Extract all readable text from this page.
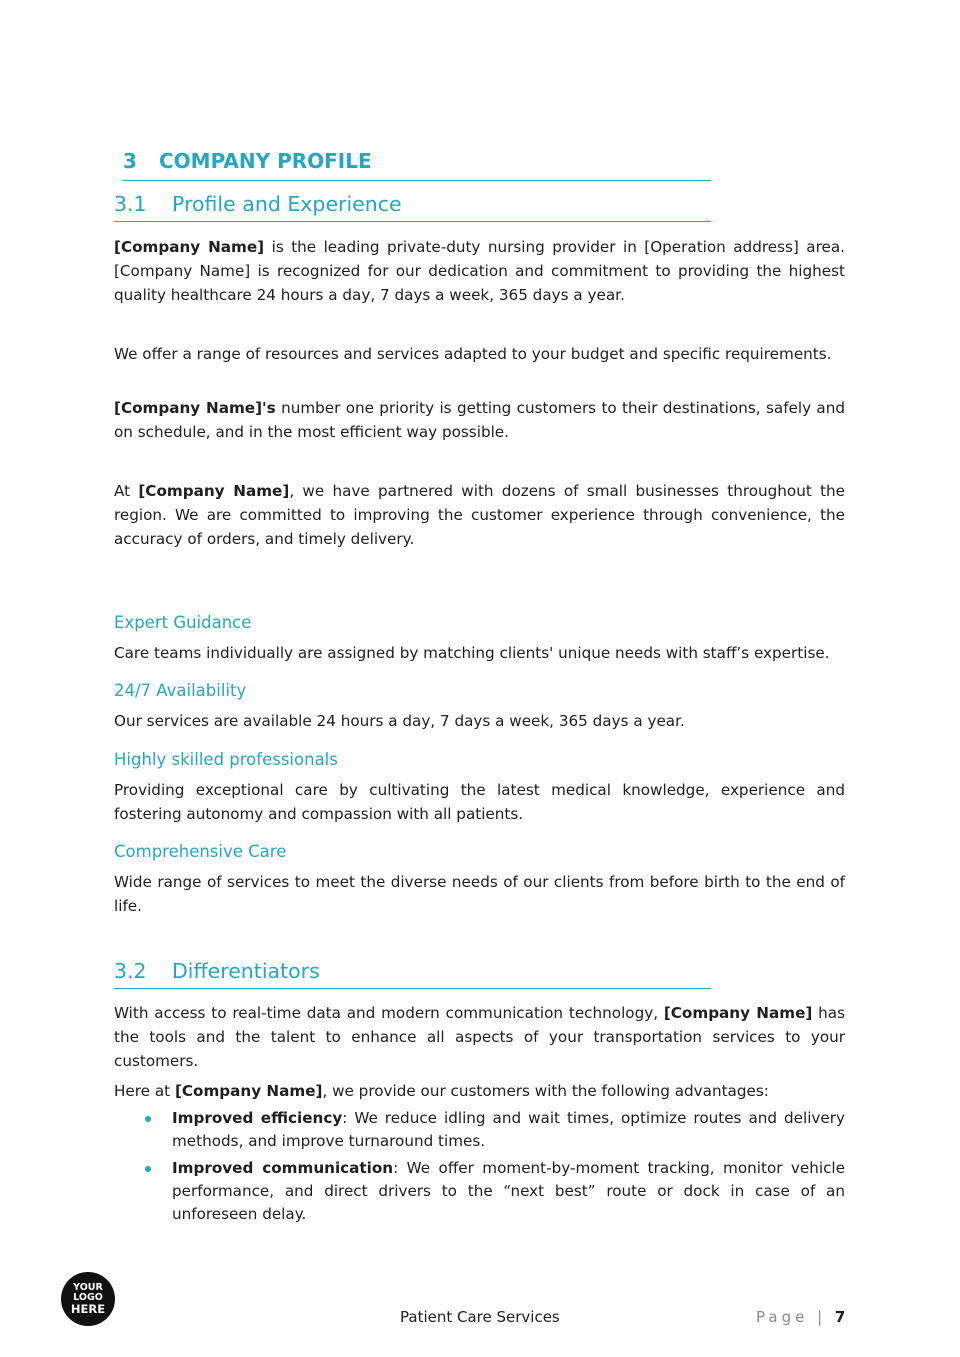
3 COMPANY PROFILE
3.1 Profile and Experience

[Company Name] is the leading private-duty nursing provider in [Operation address] area. [Company Name] is recognized for our dedication and commitment to providing the highest quality healthcare 24 hours a day, 7 days a week, 365 days a year.

We offer a range of resources and services adapted to your budget and specific requirements.

[Company Name]'s number one priority is getting customers to their destinations, safely and on schedule, and in the most efficient way possible.

At [Company Name], we have partnered with dozens of small businesses throughout the region. We are committed to improving the customer experience through convenience, the accuracy of orders, and timely delivery.

Expert Guidance

Care teams individually are assigned by matching clients' unique needs with staff’s expertise.

24/7 Availability

Our services are available 24 hours a day, 7 days a week, 365 days a year.

Highly skilled professionals

Providing exceptional care by cultivating the latest medical knowledge, experience and fostering autonomy and compassion with all patients.

Comprehensive Care

Wide range of services to meet the diverse needs of our clients from before birth to the end of life.

3.2 Differentiators

With access to real-time data and modern communication technology, [Company Name] has the tools and the talent to enhance all aspects of your transportation services to your customers.

Here at [Company Name], we provide our customers with the following advantages:

Improved efficiency: We reduce idling and wait times, optimize routes and delivery methods, and improve turnaround times.
Improved communication: We offer moment-by-moment tracking, monitor vehicle performance, and direct drivers to the “next best” route or dock in case of an unforeseen delay.
YOUR
LOGO
HERE	Patient Care Services	Page | 7
